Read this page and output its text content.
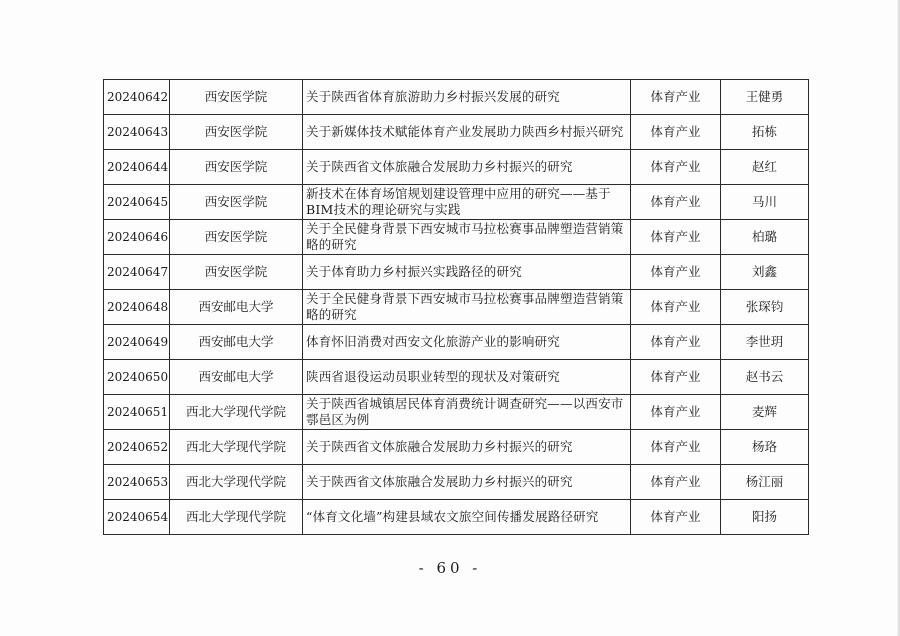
20240642	西安医学院	关于陕西省体育旅游助力乡村振兴发展的研究	体育产业	王健勇
20240643	西安医学院	关于新媒体技术赋能体育产业发展助力陕西乡村振兴研究	体育产业	拓栋
20240644	西安医学院	关于陕西省文体旅融合发展助力乡村振兴的研究	体育产业	赵红
20240645	西安医学院	新技术在体育场馆规划建设管理中应用的研究——基于BIM技术的理论研究与实践	体育产业	马川
20240646	西安医学院	关于全民健身背景下西安城市马拉松赛事品牌塑造营销策略的研究	体育产业	柏璐
20240647	西安医学院	关于体育助力乡村振兴实践路径的研究	体育产业	刘鑫
20240648	西安邮电大学	关于全民健身背景下西安城市马拉松赛事品牌塑造营销策略的研究	体育产业	张琛钧
20240649	西安邮电大学	体育怀旧消费对西安文化旅游产业的影响研究	体育产业	李世玥
20240650	西安邮电大学	陕西省退役运动员职业转型的现状及对策研究	体育产业	赵书云
20240651	西北大学现代学院	关于陕西省城镇居民体育消费统计调查研究——以西安市鄠邑区为例	体育产业	麦辉
20240652	西北大学现代学院	关于陕西省文体旅融合发展助力乡村振兴的研究	体育产业	杨珞
20240653	西北大学现代学院	关于陕西省文体旅融合发展助力乡村振兴的研究	体育产业	杨江丽
20240654	西北大学现代学院	“体育文化墙”构建县域农文旅空间传播发展路径研究	体育产业	阳扬
- 60 -
